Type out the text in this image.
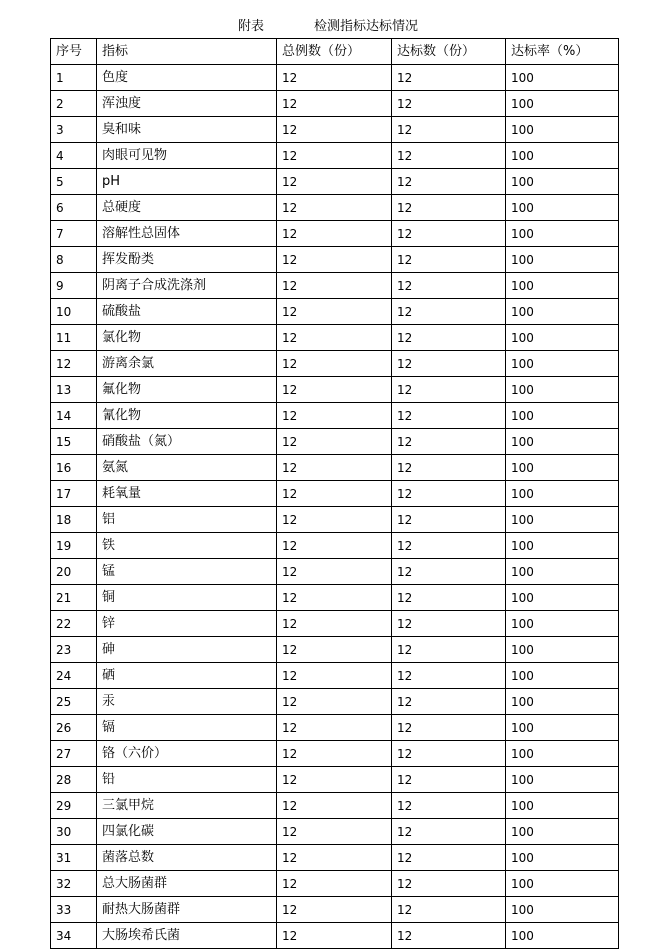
附表	检测指标达标情况
序号	指标	总例数（份）	达标数（份）	达标率（%）
1	色度	12	12	100
2	浑浊度	12	12	100
3	臭和味	12	12	100
4	肉眼可见物	12	12	100
5	pH	12	12	100
6	总硬度	12	12	100
7	溶解性总固体	12	12	100
8	挥发酚类	12	12	100
9	阴离子合成洗涤剂	12	12	100
10	硫酸盐	12	12	100
11	氯化物	12	12	100
12	游离余氯	12	12	100
13	氟化物	12	12	100
14	氰化物	12	12	100
15	硝酸盐（氮）	12	12	100
16	氨氮	12	12	100
17	耗氧量	12	12	100
18	铝	12	12	100
19	铁	12	12	100
20	锰	12	12	100
21	铜	12	12	100
22	锌	12	12	100
23	砷	12	12	100
24	硒	12	12	100
25	汞	12	12	100
26	镉	12	12	100
27	铬（六价）	12	12	100
28	铅	12	12	100
29	三氯甲烷	12	12	100
30	四氯化碳	12	12	100
31	菌落总数	12	12	100
32	总大肠菌群	12	12	100
33	耐热大肠菌群	12	12	100
34	大肠埃希氏菌	12	12	100
